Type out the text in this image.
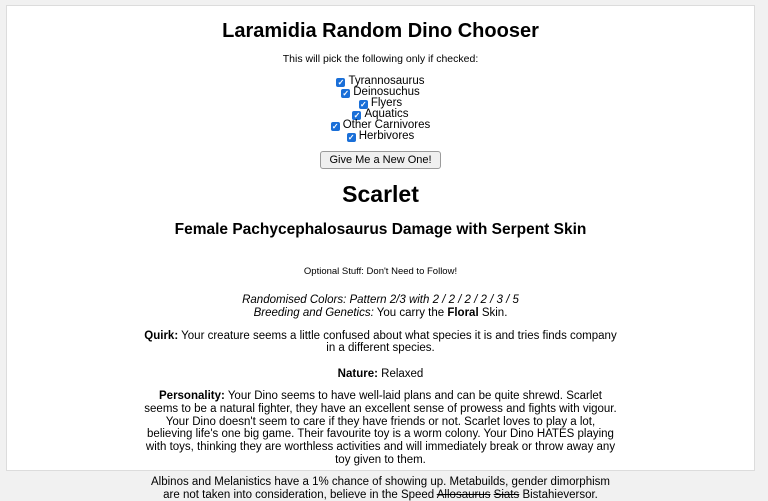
Laramidia Random Dino Chooser
This will pick the following only if checked:
✓ Tyrannosaurus
✓ Deinosuchus
✓ Flyers
✓ Aquatics
✓ Other Carnivores
✓ Herbivores
Give Me a New One!
Scarlet
Female Pachycephalosaurus Damage with Serpent Skin
Optional Stuff: Don't Need to Follow!
Randomised Colors: Pattern 2/3 with 2 / 2 / 2 / 2 / 3 / 5
Breeding and Genetics: You carry the Floral Skin.
Quirk: Your creature seems a little confused about what species it is and tries finds company in a different species.
Nature: Relaxed
Personality: Your Dino seems to have well-laid plans and can be quite shrewd. Scarlet seems to be a natural fighter, they have an excellent sense of prowess and fights with vigour. Your Dino doesn't seem to care if they have friends or not. Scarlet loves to play a lot, believing life's one big game. Their favourite toy is a worm colony. Your Dino HATES playing with toys, thinking they are worthless activities and will immediately break or throw away any toy given to them.
Albinos and Melanistics have a 1% chance of showing up. Metabuilds, gender dimorphism are not taken into consideration, believe in the Speed Allosaurus Siats Bistahieversor.
